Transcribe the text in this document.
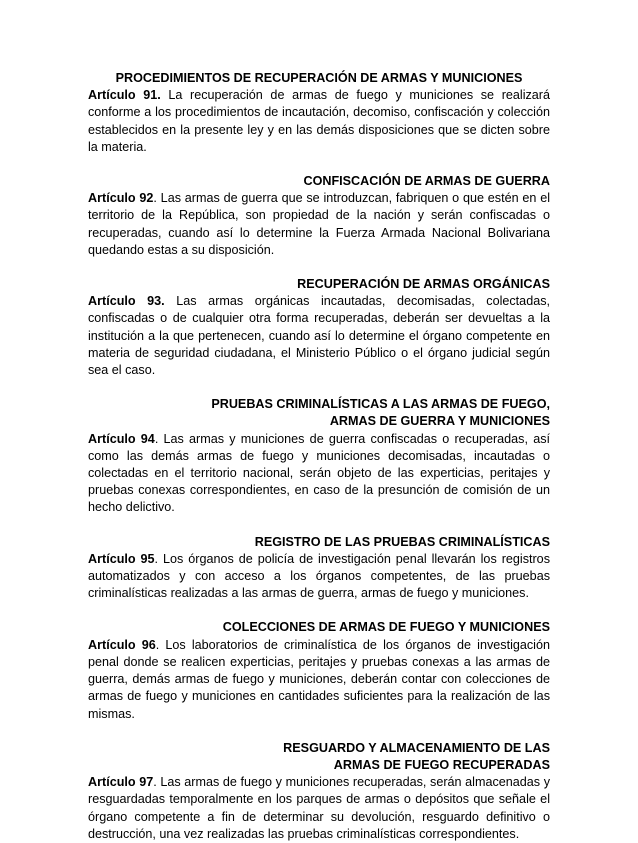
PROCEDIMIENTOS DE RECUPERACIÓN DE ARMAS Y MUNICIONES

Artículo 91. La recuperación de armas de fuego y municiones se realizará conforme a los procedimientos de incautación, decomiso, confiscación y colección establecidos en la presente ley y en las demás disposiciones que se dicten sobre la materia.

CONFISCACIÓN DE ARMAS DE GUERRA

Artículo 92. Las armas de guerra que se introduzcan, fabriquen o que estén en el territorio de la República, son propiedad de la nación y serán confiscadas o recuperadas, cuando así lo determine la Fuerza Armada Nacional Bolivariana quedando estas a su disposición.

RECUPERACIÓN DE ARMAS ORGÁNICAS

Artículo 93. Las armas orgánicas incautadas, decomisadas, colectadas, confiscadas o de cualquier otra forma recuperadas, deberán ser devueltas a la institución a la que pertenecen, cuando así lo determine el órgano competente en materia de seguridad ciudadana, el Ministerio Público o el órgano judicial según sea el caso.

PRUEBAS CRIMINALÍSTICAS A LAS ARMAS DE FUEGO,
ARMAS DE GUERRA Y MUNICIONES

Artículo 94. Las armas y municiones de guerra confiscadas o recuperadas, así como las demás armas de fuego y municiones decomisadas, incautadas o colectadas en el territorio nacional, serán objeto de las experticias, peritajes y pruebas conexas correspondientes, en caso de la presunción de comisión de un hecho delictivo.

REGISTRO DE LAS PRUEBAS CRIMINALÍSTICAS

Artículo 95. Los órganos de policía de investigación penal llevarán los registros automatizados y con acceso a los órganos competentes, de las pruebas criminalísticas realizadas a las armas de guerra, armas de fuego y municiones.

COLECCIONES DE ARMAS DE FUEGO Y MUNICIONES

Artículo 96. Los laboratorios de criminalística de los órganos de investigación penal donde se realicen experticias, peritajes y pruebas conexas a las armas de guerra, demás armas de fuego y municiones, deberán contar con colecciones de armas de fuego y municiones en cantidades suficientes para la realización de las mismas.

RESGUARDO Y ALMACENAMIENTO DE LAS
ARMAS DE FUEGO RECUPERADAS

Artículo 97. Las armas de fuego y municiones recuperadas, serán almacenadas y resguardadas temporalmente en los parques de armas o depósitos que señale el órgano competente a fin de determinar su devolución, resguardo definitivo o destrucción, una vez realizadas las pruebas criminalísticas correspondientes.
